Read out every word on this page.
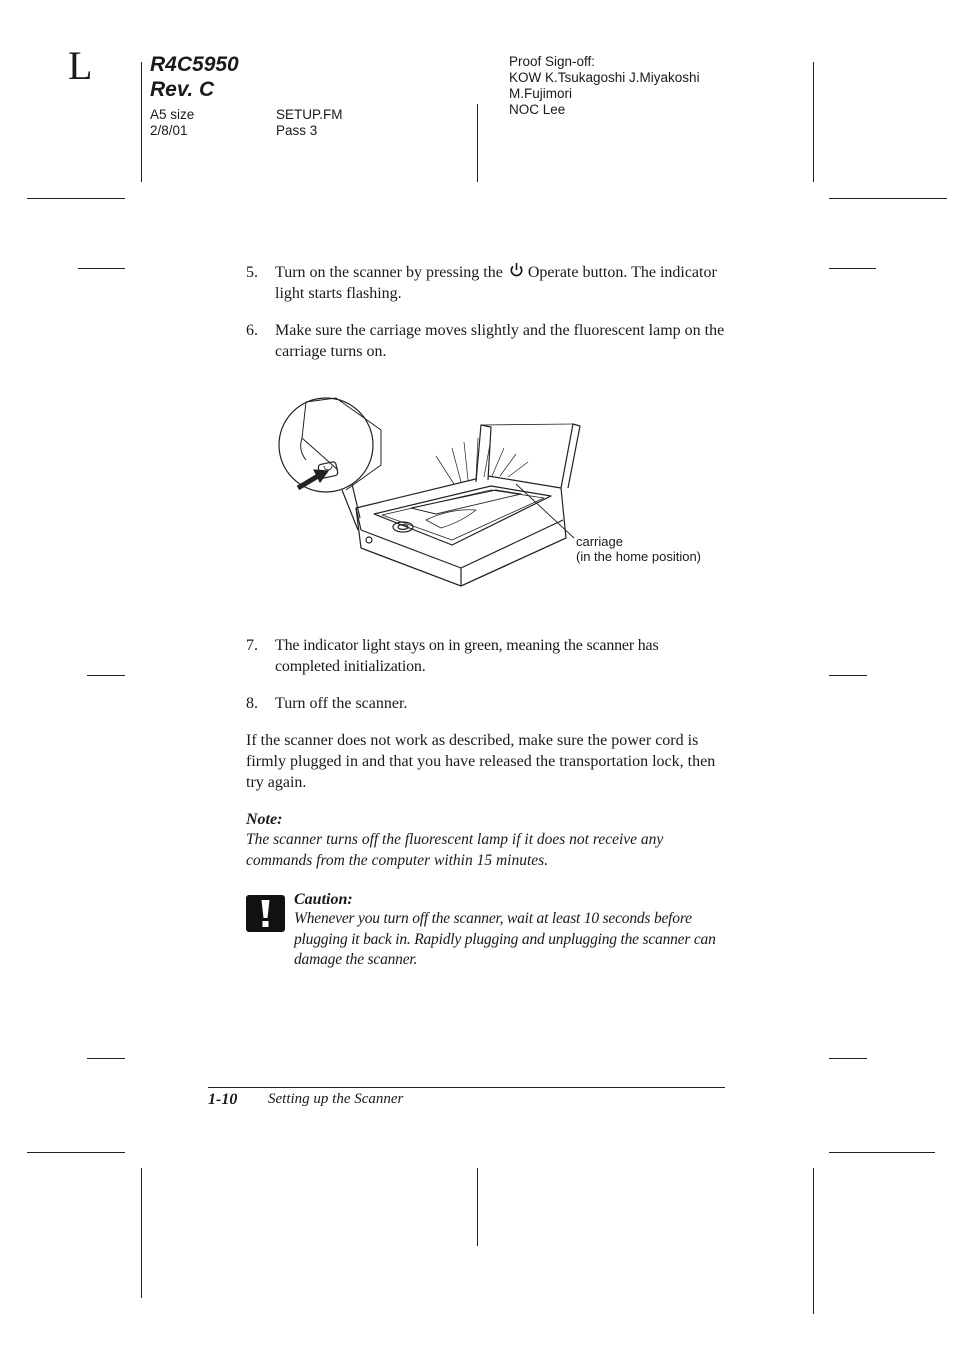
L	R4C5950
Rev. C
A5 size
2/8/01
SETUP.FM
Pass 3
Proof Sign-off:
KOW K.Tsukagoshi J.Miyakoshi
M.Fujimori
NOC Lee
5. Turn on the scanner by pressing the  Operate button. The indicator light starts flashing.
6. Make sure the carriage moves slightly and the fluorescent lamp on the carriage turns on.
carriage
(in the home position)
7. The indicator light stays on in green, meaning the scanner has completed initialization.
8. Turn off the scanner.
If the scanner does not work as described, make sure the power cord is firmly plugged in and that you have released the transportation lock, then try again.
Note:
The scanner turns off the fluorescent lamp if it does not receive any commands from the computer within 15 minutes.
Caution:
Whenever you turn off the scanner, wait at least 10 seconds before plugging it back in. Rapidly plugging and unplugging the scanner can damage the scanner.
1-10 Setting up the Scanner
